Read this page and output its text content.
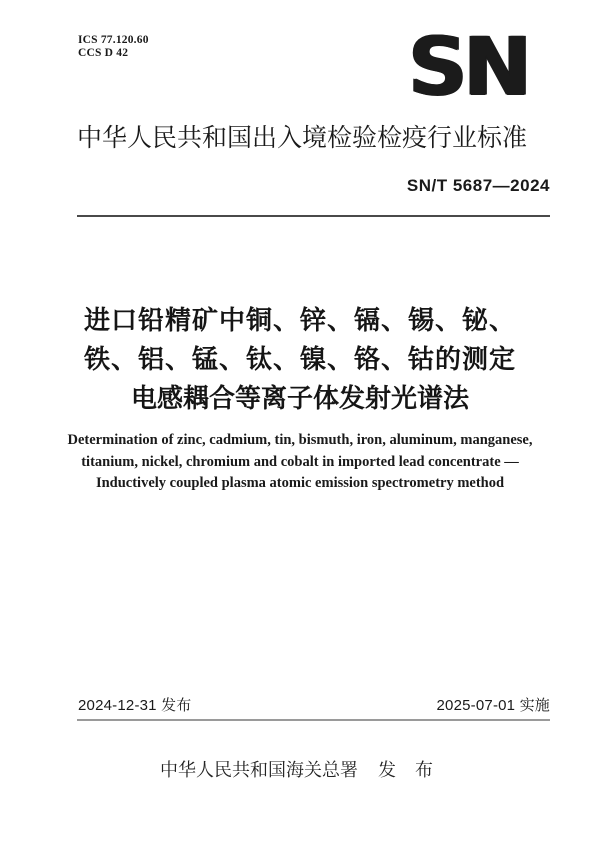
ICS 77.120.60
CCS D 42	SN
中华人民共和国出入境检验检疫行业标准
SN/T 5687—2024
进口铅精矿中铜、锌、镉、锡、铋、
铁、铝、锰、钛、镍、铬、钴的测定
电感耦合等离子体发射光谱法
Determination of zinc, cadmium, tin, bismuth, iron, aluminum, manganese,
titanium, nickel, chromium and cobalt in imported lead concentrate —
Inductively coupled plasma atomic emission spectrometry method
2024-12-31 发布	2025-07-01 实施
中华人民共和国海关总署 发 布
